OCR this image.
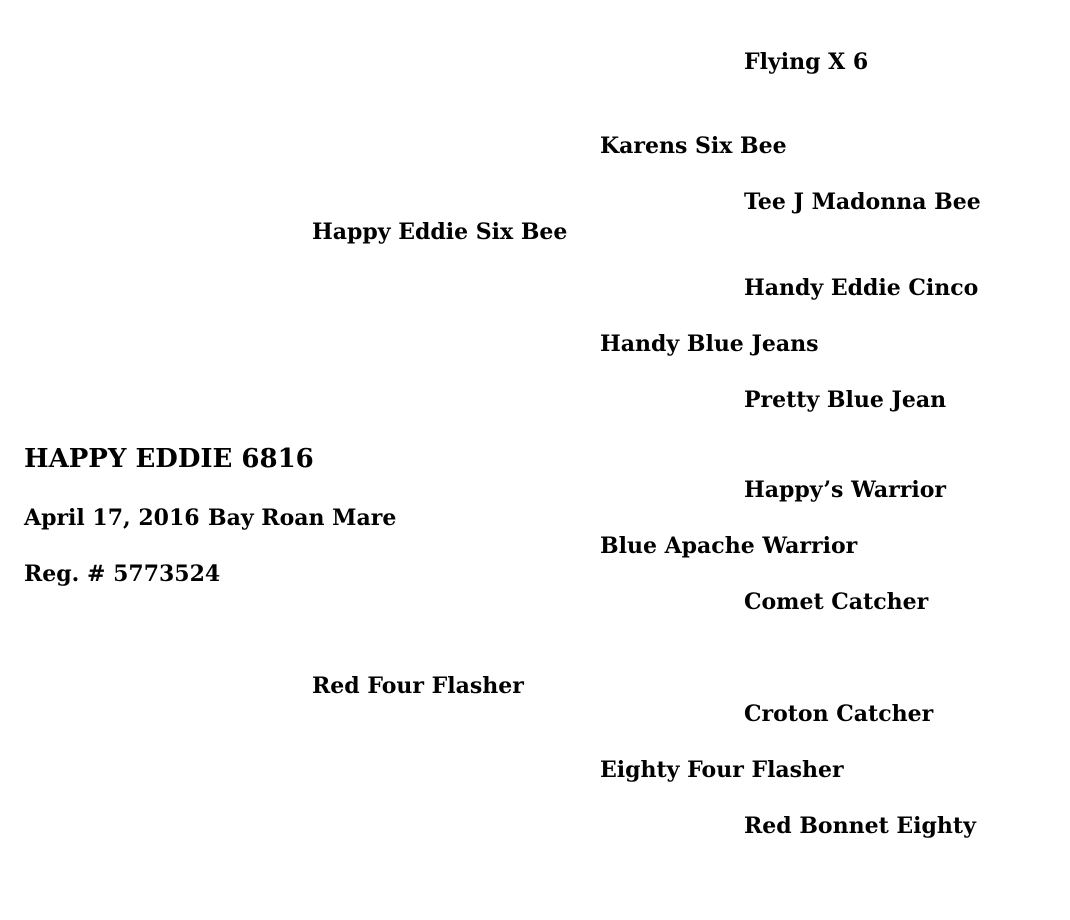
HAPPY EDDIE 6816
April 17, 2016 Bay Roan Mare
Reg. # 5773524
Happy Eddie Six Bee
Red Four Flasher
Karens Six Bee
Handy Blue Jeans
Blue Apache Warrior
Eighty Four Flasher
Flying X 6
Tee J Madonna Bee
Handy Eddie Cinco
Pretty Blue Jean
Happy’s Warrior
Comet Catcher
Croton Catcher
Red Bonnet Eighty
